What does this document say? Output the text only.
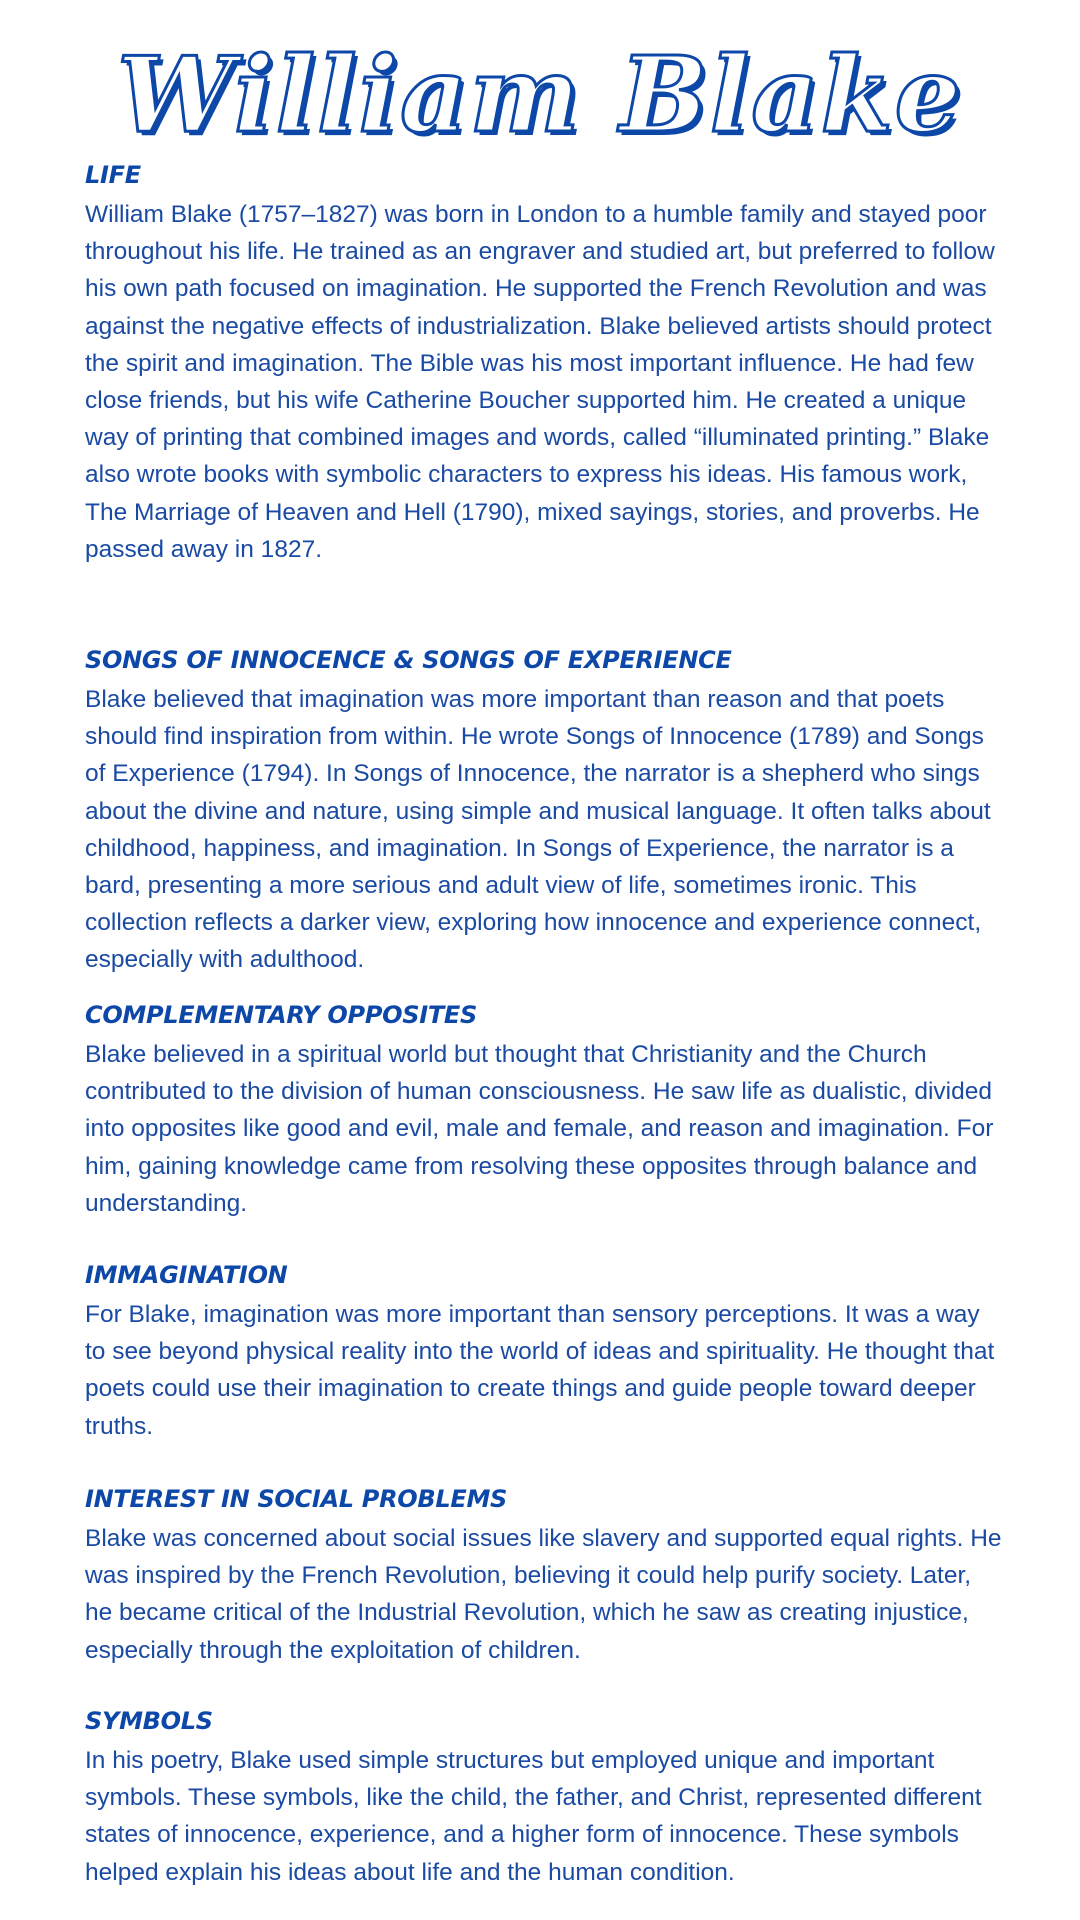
William Blake
LIFE

William Blake (1757–1827) was born in London to a humble family and stayed poor throughout his life. He trained as an engraver and studied art, but preferred to follow his own path focused on imagination. He supported the French Revolution and was against the negative effects of industrialization. Blake believed artists should protect the spirit and imagination. The Bible was his most important influence. He had few close friends, but his wife Catherine Boucher supported him. He created a unique way of printing that combined images and words, called “illuminated printing.” Blake also wrote books with symbolic characters to express his ideas. His famous work, The Marriage of Heaven and Hell (1790), mixed sayings, stories, and proverbs. He passed away in 1827.

SONGS OF INNOCENCE & SONGS OF EXPERIENCE

Blake believed that imagination was more important than reason and that poets should find inspiration from within. He wrote Songs of Innocence (1789) and Songs of Experience (1794). In Songs of Innocence, the narrator is a shepherd who sings about the divine and nature, using simple and musical language. It often talks about childhood, happiness, and imagination. In Songs of Experience, the narrator is a bard, presenting a more serious and adult view of life, sometimes ironic. This collection reflects a darker view, exploring how innocence and experience connect, especially with adulthood.

COMPLEMENTARY OPPOSITES

Blake believed in a spiritual world but thought that Christianity and the Church contributed to the division of human consciousness. He saw life as dualistic, divided into opposites like good and evil, male and female, and reason and imagination. For him, gaining knowledge came from resolving these opposites through balance and understanding.

IMMAGINATION

For Blake, imagination was more important than sensory perceptions. It was a way to see beyond physical reality into the world of ideas and spirituality. He thought that poets could use their imagination to create things and guide people toward deeper truths.

INTEREST IN SOCIAL PROBLEMS

Blake was concerned about social issues like slavery and supported equal rights. He was inspired by the French Revolution, believing it could help purify society. Later, he became critical of the Industrial Revolution, which he saw as creating injustice, especially through the exploitation of children.

SYMBOLS

In his poetry, Blake used simple structures but employed unique and important symbols. These symbols, like the child, the father, and Christ, represented different states of innocence, experience, and a higher form of innocence. These symbols helped explain his ideas about life and the human condition.
